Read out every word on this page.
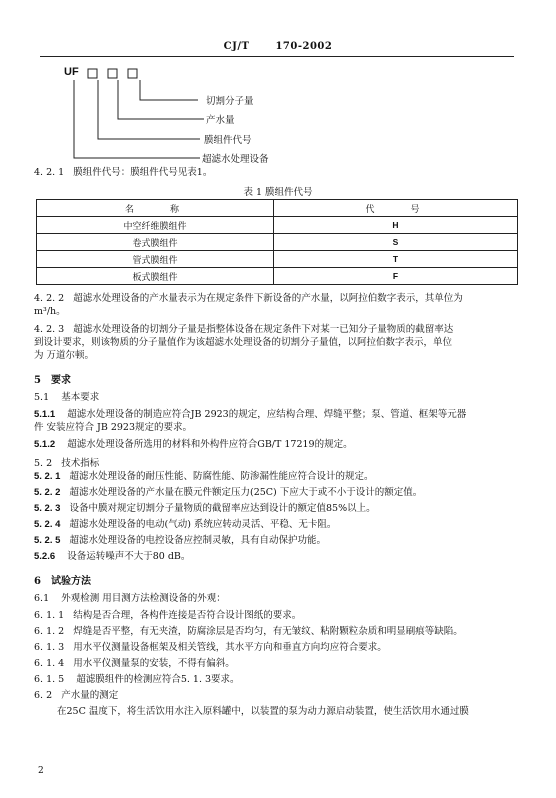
CJ/T	170-2002
UF
切割分子量
产水量
膜组件代号
超滤水处理设备
4. 2. 1 膜组件代号：膜组件代号见表1。
表 1 膜组件代号
名　　称	代　　号
中空纤维膜组件	H
卷式膜组件	S
管式膜组件	T
板式膜组件	F
4. 2. 2 超滤水处理设备的产水量表示为在规定条件下新设备的产水量，以阿拉伯数字表示，其单位为
m³/h。
4. 2. 3 超滤水处理设备的切割分子量是指整体设备在规定条件下对某一已知分子量物质的截留率达
到设计要求，则该物质的分子量值作为该超滤水处理设备的切割分子量值，以阿拉伯数字表示，单位
为 万道尔顿。
5 要求
5.1 基本要求
5.1.1 超滤水处理设备的制造应符合JB 2923的规定，应结构合理、焊缝平整；泵、管道、框架等元器
件 安装应符合 JB 2923规定的要求。
5.1.2 超滤水处理设备所选用的材料和外构件应符合GB/T 17219的规定。
5. 2 技术指标
5. 2. 1 超滤水处理设备的耐压性能、防腐性能、防渗漏性能应符合设计的规定。
5. 2. 2 超滤水处理设备的产水量在膜元件额定压力(25C) 下应大于或不小于设计的额定值。
5. 2. 3 设备中膜对规定切割分子量物质的截留率应达到设计的额定值85%以上。
5. 2. 4 超滤水处理设备的电动(气动) 系统应转动灵活、平稳、无卡阻。
5. 2. 5 超滤水处理设备的电控设备应控制灵敏，具有自动保护功能。
5.2.6 设备运转噪声不大于80 dB。
6 试验方法
6.1 外观检测 用目测方法检测设备的外观：
6. 1. 1 结构是否合理，各构件连接是否符合设计图纸的要求。
6. 1. 2 焊缝是否平整，有无夹渣，防腐涂层是否均匀，有无皱纹、粘附颗粒杂质和明显刷痕等缺陷。
6. 1. 3 用水平仪测量设备框架及相关管线，其水平方向和垂直方向均应符合要求。
6. 1. 4 用水平仪测量泵的安装，不得有偏斜。
6. 1. 5 超滤膜组件的检测应符合5. 1. 3要求。
6. 2 产水量的测定
在25C 温度下，将生活饮用水注入原料罐中，以装置的泵为动力源启动装置，使生活饮用水通过膜
2
